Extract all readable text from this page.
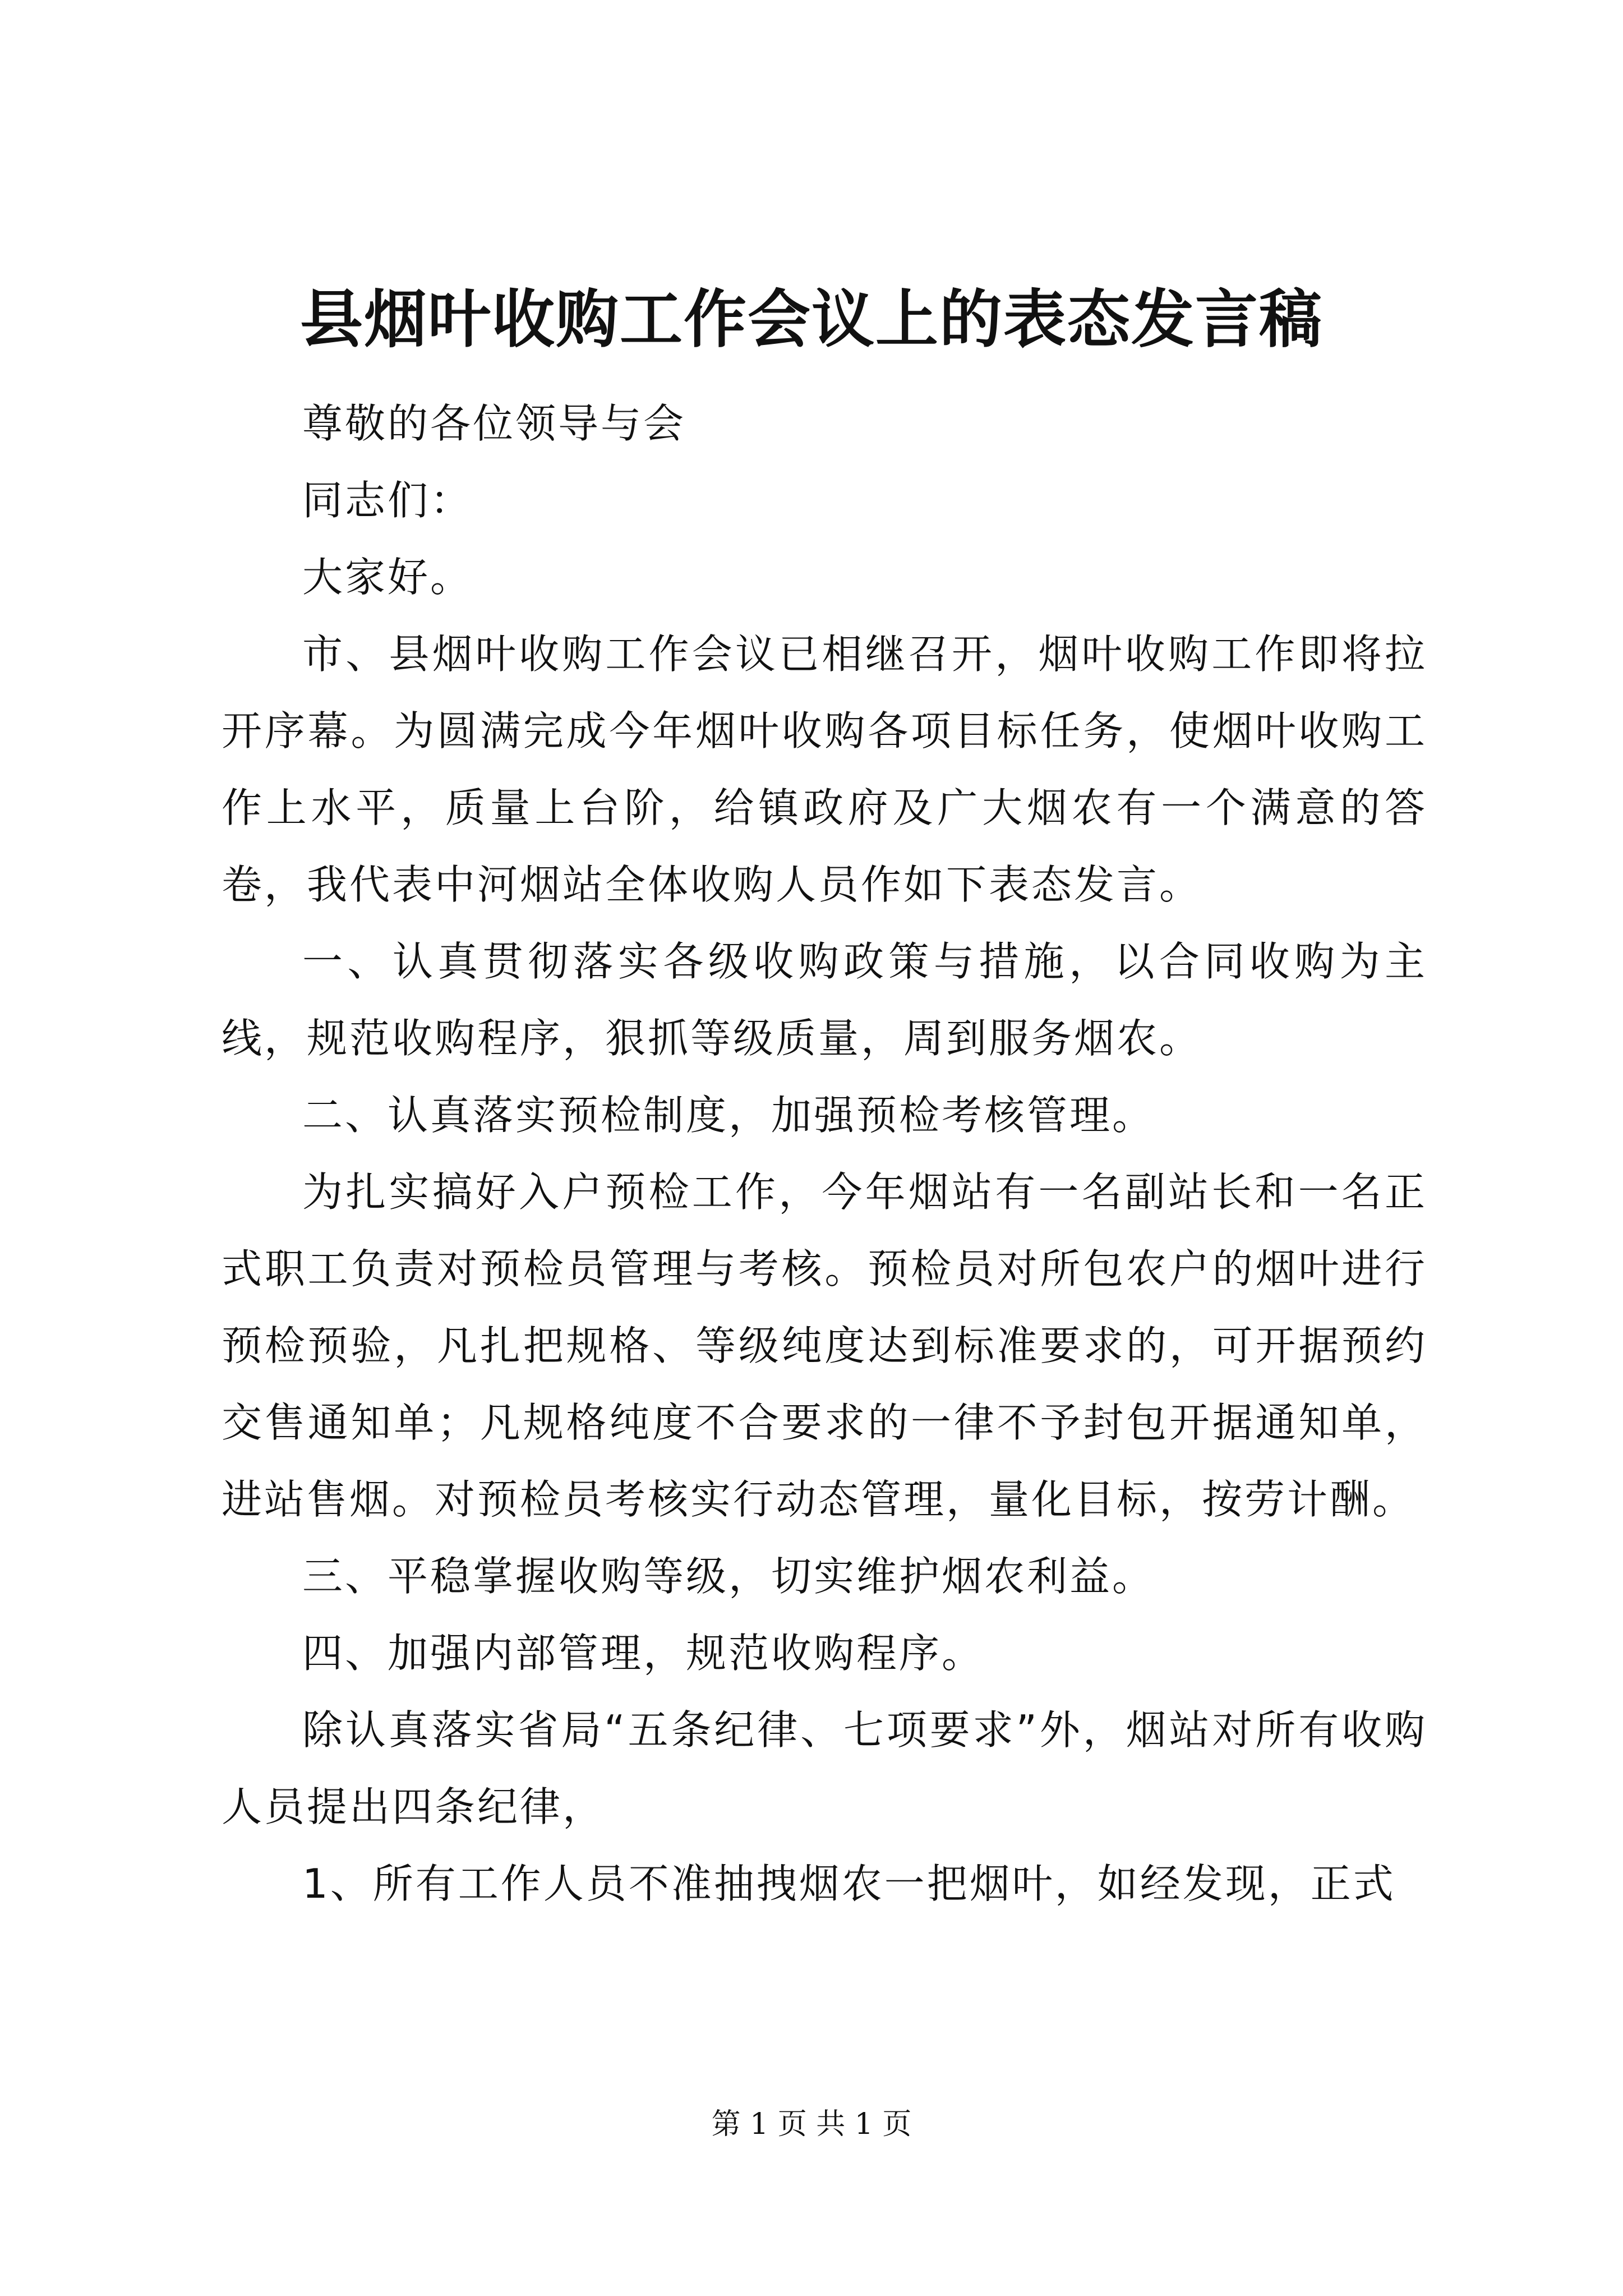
县烟叶收购工作会议上的表态发言稿

尊敬的各位领导与会

同志们：

大家好。

市、县烟叶收购工作会议已相继召开，烟叶收购工作即将拉开序幕。为圆满完成今年烟叶收购各项目标任务，使烟叶收购工作上水平，质量上台阶，给镇政府及广大烟农有一个满意的答卷，我代表中河烟站全体收购人员作如下表态发言。

一、认真贯彻落实各级收购政策与措施，以合同收购为主线，规范收购程序，狠抓等级质量，周到服务烟农。

二、认真落实预检制度，加强预检考核管理。

为扎实搞好入户预检工作，今年烟站有一名副站长和一名正式职工负责对预检员管理与考核。预检员对所包农户的烟叶进行预检预验，凡扎把规格、等级纯度达到标准要求的，可开据预约交售通知单；凡规格纯度不合要求的一律不予封包开据通知单，进站售烟。对预检员考核实行动态管理，量化目标，按劳计酬。

三、平稳掌握收购等级，切实维护烟农利益。

四、加强内部管理，规范收购程序。

除认真落实省局“五条纪律、七项要求”外，烟站对所有收购人员提出四条纪律，

1、所有工作人员不准抽拽烟农一把烟叶，如经发现，正式

第 1 页 共 1 页
